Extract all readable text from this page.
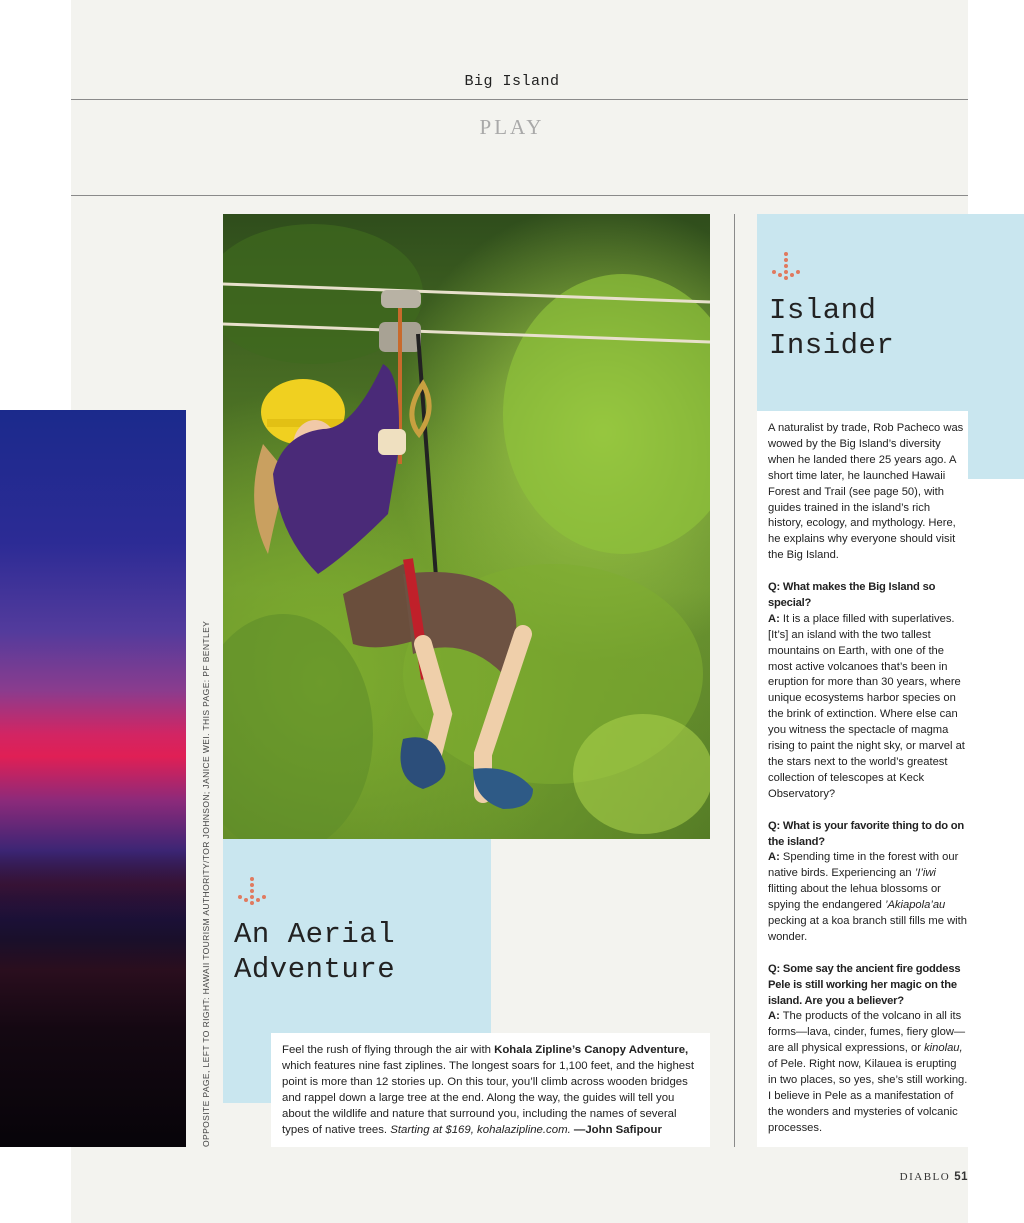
Big Island
PLAY
OPPOSITE PAGE, LEFT TO RIGHT: HAWAII TOURISM AUTHORITY/TOR JOHNSON; JANICE WEI. THIS PAGE: PF BENTLEY An Aerial
Adventure
Feel the rush of flying through the air with Kohala Zipline’s Canopy Adventure, which features nine fast ziplines. The longest soars for 1,100 feet, and the highest point is more than 12 stories up. On this tour, you’ll climb across wooden bridges and rappel down a large tree at the end. Along the way, the guides will tell you about the wildlife and nature that surround you, including the names of several types of native trees. Starting at $169, kohalazipline.com. —John Safipour
Island
Insider

A naturalist by trade, Rob Pacheco was wowed by the Big Island’s diversity when he landed there 25 years ago. A short time later, he launched Hawaii Forest and Trail (see page 50), with guides trained in the island’s rich history, ecology, and mythology. Here, he explains why everyone should visit the Big Island.

Q: What makes the Big Island so special?
A: It is a place filled with superlatives. [It’s] an island with the two tallest mountains on Earth, with one of the most active volcanoes that’s been in eruption for more than 30 years, where unique ecosystems harbor species on the brink of extinction. Where else can you witness the spectacle of magma rising to paint the night sky, or marvel at the stars next to the world’s greatest collection of telescopes at Keck Observatory?

Q: What is your favorite thing to do on the island?
A: Spending time in the forest with our native birds. Experiencing an ’I’iwi flitting about the lehua blossoms or spying the endangered ’Akiapola’au pecking at a koa branch still fills me with wonder.

Q: Some say the ancient fire goddess Pele is still working her magic on the island. Are you a believer?
A: The products of the volcano in all its forms—lava, cinder, fumes, fiery glow—are all physical expressions, or kinolau, of Pele. Right now, Kilauea is erupting in two places, so yes, she’s still working. I believe in Pele as a manifestation of the wonders and mysteries of volcanic processes.

DIABLO 51
